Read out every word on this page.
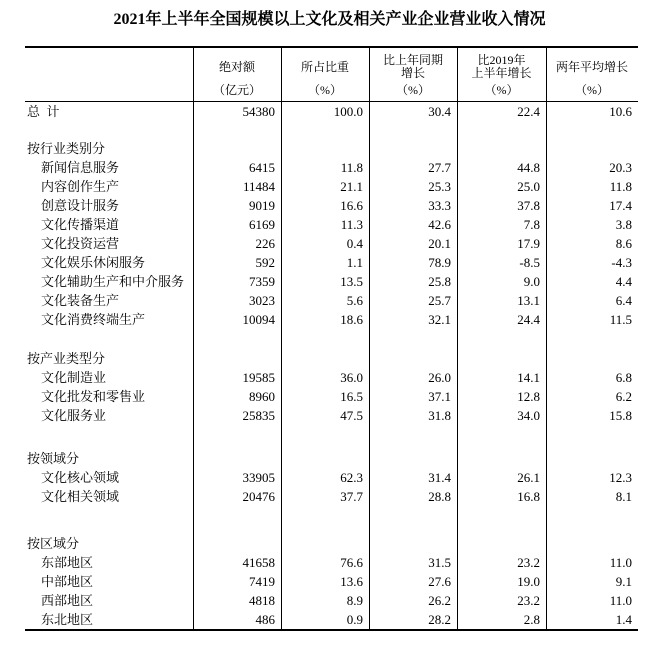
2021年上半年全国规模以上文化及相关产业企业营业收入情况
绝对额
（亿元）
所占比重
（%）
比上年同期
增长
（%）
比2019年
上半年增长
（%）
两年平均增长
（%）
总  计	54380	100.0	30.4	22.4	10.6
按行业类别分
新闻信息服务	6415	11.8	27.7	44.8	20.3
内容创作生产	11484	21.1	25.3	25.0	11.8
创意设计服务	9019	16.6	33.3	37.8	17.4
文化传播渠道	6169	11.3	42.6	7.8	3.8
文化投资运营	226	0.4	20.1	17.9	8.6
文化娱乐休闲服务	592	1.1	78.9	-8.5	-4.3
文化辅助生产和中介服务	7359	13.5	25.8	9.0	4.4
文化装备生产	3023	5.6	25.7	13.1	6.4
文化消费终端生产	10094	18.6	32.1	24.4	11.5
按产业类型分
文化制造业	19585	36.0	26.0	14.1	6.8
文化批发和零售业	8960	16.5	37.1	12.8	6.2
文化服务业	25835	47.5	31.8	34.0	15.8
按领域分
文化核心领域	33905	62.3	31.4	26.1	12.3
文化相关领域	20476	37.7	28.8	16.8	8.1
按区域分
东部地区	41658	76.6	31.5	23.2	11.0
中部地区	7419	13.6	27.6	19.0	9.1
西部地区	4818	8.9	26.2	23.2	11.0
东北地区	486	0.9	28.2	2.8	1.4
